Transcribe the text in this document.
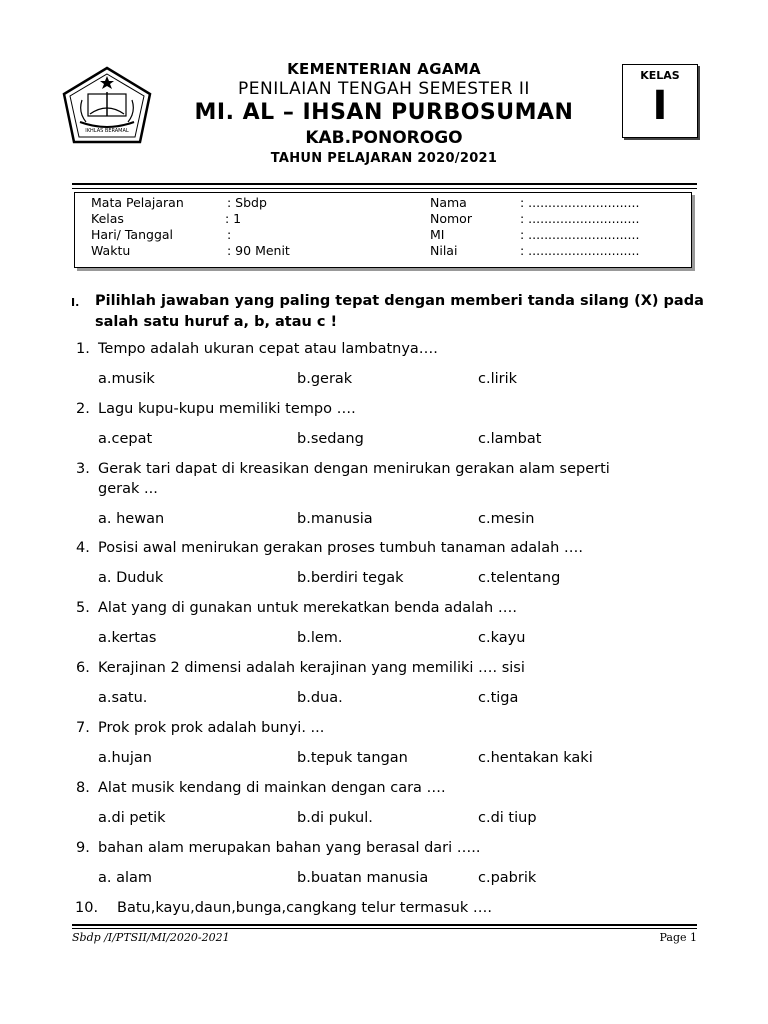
IKHLAS BERAMAL
KEMENTERIAN AGAMA
PENILAIAN TENGAH SEMESTER II
MI. AL – IHSAN PURBOSUMAN
KAB.PONOROGO
TAHUN PELAJARAN 2020/2021
KELAS
I
Mata Pelajaran	: Sbdp
Kelas	: 1
Hari/ Tanggal	:
Waktu	: 90 Menit
Nama	: ............................
Nomor	: ............................
MI	: ............................
Nilai	: ............................
I. Pilihlah jawaban yang paling tepat dengan memberi tanda silang (X) pada salah satu huruf a, b, atau c !
1. Tempo adalah ukuran cepat atau lambatnya….
a.musik	b.gerak	c.lirik
2. Lagu kupu-kupu memiliki tempo ….
a.cepat	b.sedang	c.lambat
3. Gerak tari dapat di kreasikan dengan menirukan gerakan alam seperti
gerak ...
a. hewan	b.manusia	c.mesin
4. Posisi awal menirukan gerakan proses tumbuh tanaman adalah ….
a. Duduk	b.berdiri tegak	c.telentang
5. Alat yang di gunakan untuk merekatkan benda adalah ….
a.kertas	b.lem.	c.kayu
6. Kerajinan 2 dimensi adalah kerajinan yang memiliki …. sisi
a.satu.	b.dua.	c.tiga
7. Prok prok prok adalah bunyi. ...
a.hujan	b.tepuk tangan	c.hentakan kaki
8. Alat musik kendang di mainkan dengan cara ….
a.di petik	b.di pukul.	c.di tiup
9. bahan alam merupakan bahan yang berasal dari …..
a. alam	b.buatan manusia	c.pabrik
10. Batu,kayu,daun,bunga,cangkang telur termasuk ….
Sbdp /I/PTSII/MI/2020-2021	Page 1
